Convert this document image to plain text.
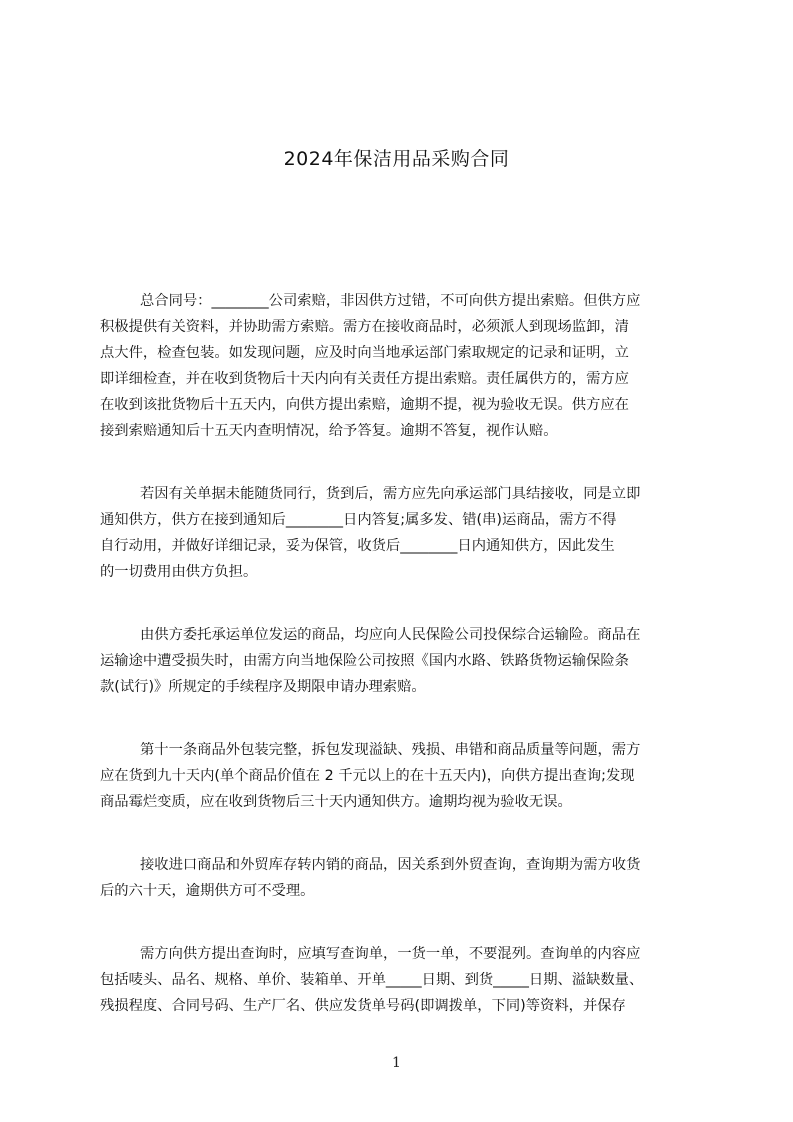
2024年保洁用品采购合同
总合同号：________公司索赔，非因供方过错，不可向供方提出索赔。但供方应
积极提供有关资料，并协助需方索赔。需方在接收商品时，必须派人到现场监卸，清
点大件，检查包装。如发现问题，应及时向当地承运部门索取规定的记录和证明，立
即详细检查，并在收到货物后十天内向有关责任方提出索赔。责任属供方的，需方应
在收到该批货物后十五天内，向供方提出索赔，逾期不提，视为验收无误。供方应在
接到索赔通知后十五天内查明情况，给予答复。逾期不答复，视作认赔。
若因有关单据未能随货同行，货到后，需方应先向承运部门具结接收，同是立即
通知供方，供方在接到通知后________日内答复;属多发、错(串)运商品，需方不得
自行动用，并做好详细记录，妥为保管，收货后________日内通知供方，因此发生
的一切费用由供方负担。
由供方委托承运单位发运的商品，均应向人民保险公司投保综合运输险。商品在
运输途中遭受损失时，由需方向当地保险公司按照《国内水路、铁路货物运输保险条
款(试行)》所规定的手续程序及期限申请办理索赔。
第十一条商品外包装完整，拆包发现溢缺、残损、串错和商品质量等问题，需方
应在货到九十天内(单个商品价值在 2 千元以上的在十五天内)，向供方提出查询;发现
商品霉烂变质，应在收到货物后三十天内通知供方。逾期均视为验收无误。
接收进口商品和外贸库存转内销的商品，因关系到外贸查询，查询期为需方收货
后的六十天，逾期供方可不受理。
需方向供方提出查询时，应填写查询单，一货一单，不要混列。查询单的内容应
包括唛头、品名、规格、单价、装箱单、开单_____日期、到货_____日期、溢缺数量、
残损程度、合同号码、生产厂名、供应发货单号码(即调拨单，下同)等资料，并保存
1
